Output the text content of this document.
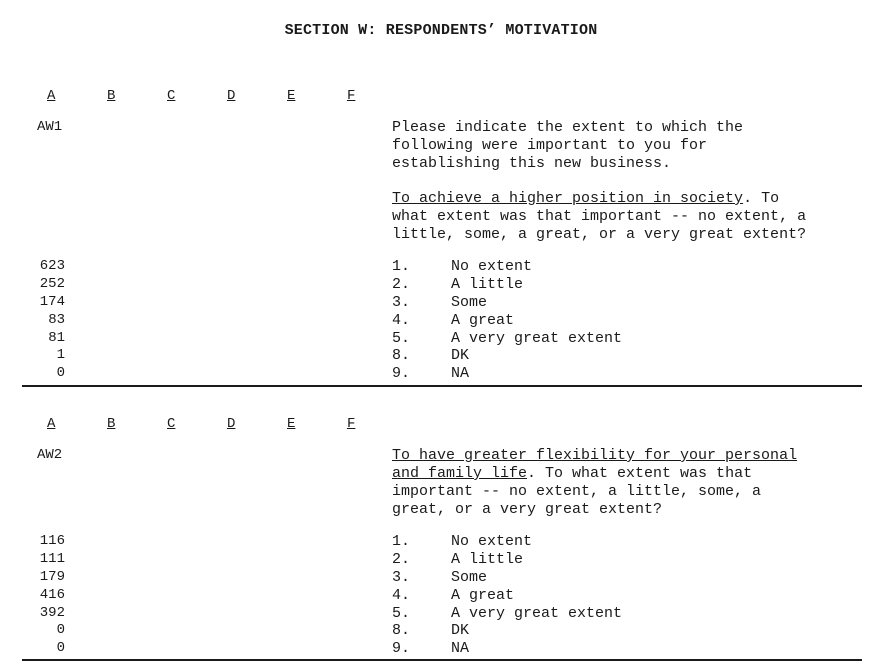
SECTION W: RESPONDENTS’ MOTIVATION
A	B	C	D	E	F
AW1	Please indicate the extent to which the
following were important to you for
establishing this new business.

To achieve a higher position in society. To
what extent was that important -- no extent, a
little, some, a great, or a very great extent?

623	1.	No extent
252	2.	A little
174	3.	Some
83	4.	A great
81	5.	A very great extent
1	8.	DK
0	9.	NA
A	B	C	D	E	F
AW2	To have greater flexibility for your personal
and family life. To what extent was that
important -- no extent, a little, some, a
great, or a very great extent?

116	1.	No extent
111	2.	A little
179	3.	Some
416	4.	A great
392	5.	A very great extent
0	8.	DK
0	9.	NA
